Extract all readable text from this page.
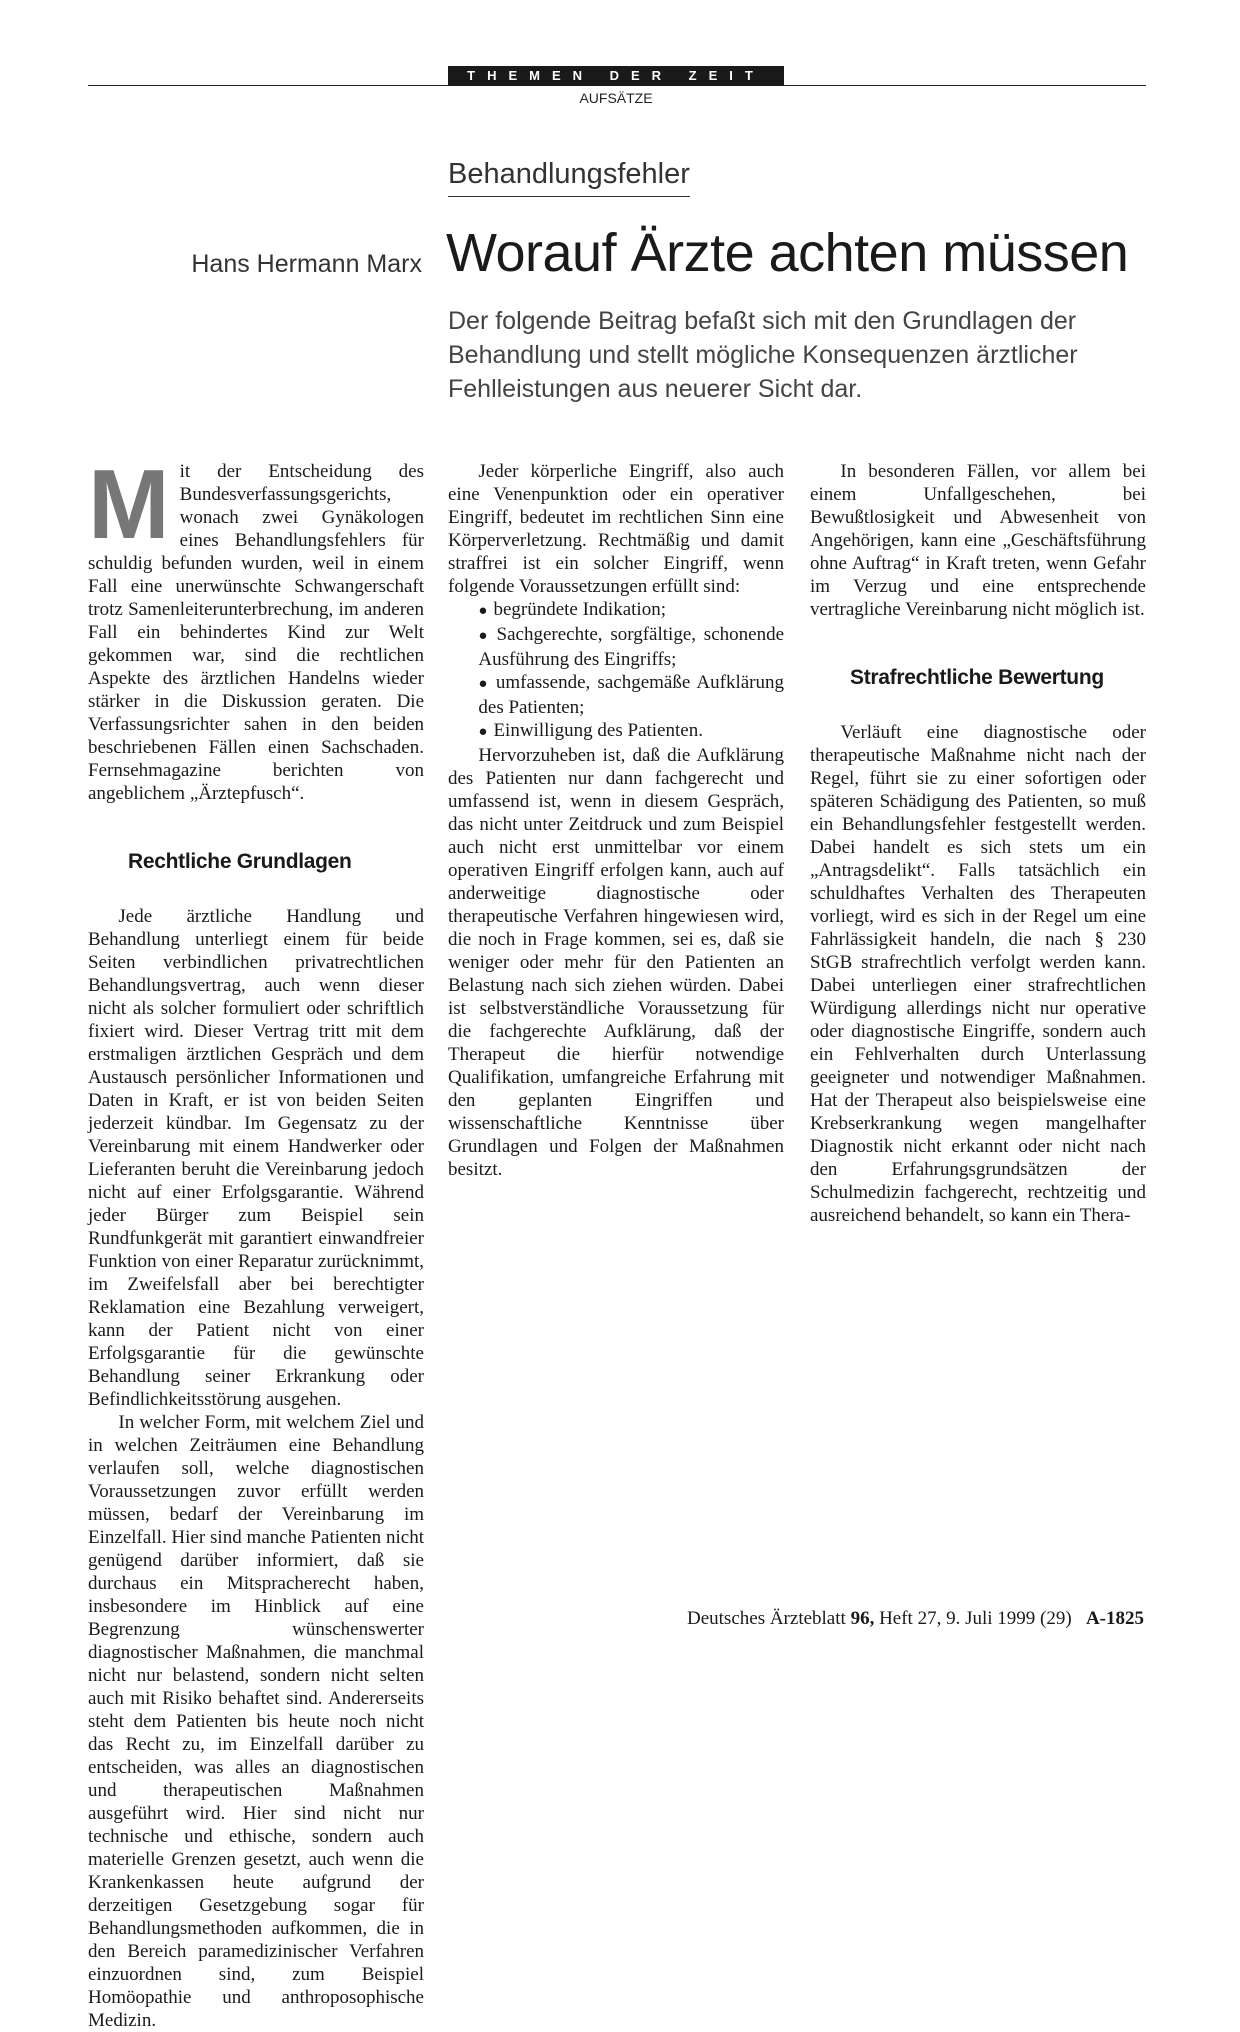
THEMEN DER ZEIT
AUFSÄTZE
Behandlungsfehler
Hans Hermann Marx Worauf Ärzte achten müssen

Der folgende Beitrag befaßt sich mit den Grundlagen der Behandlung und stellt mögliche Konsequenzen ärztlicher Fehlleistungen aus neuerer Sicht dar.

Mit der Entscheidung des Bundesverfassungsgerichts, wonach zwei Gynäkologen eines Behandlungsfehlers für schuldig befunden wurden, weil in einem Fall eine unerwünschte Schwangerschaft trotz Samenleiterunterbrechung, im anderen Fall ein behindertes Kind zur Welt gekommen war, sind die rechtlichen Aspekte des ärztlichen Handelns wieder stärker in die Diskussion geraten. Die Verfassungsrichter sahen in den beiden beschriebenen Fällen einen Sachschaden. Fernsehmagazine berichten von angeblichem „Ärztepfusch“.

Rechtliche Grundlagen

Jede ärztliche Handlung und Behandlung unterliegt einem für beide Seiten verbindlichen privatrechtlichen Behandlungsvertrag, auch wenn dieser nicht als solcher formuliert oder schriftlich fixiert wird. Dieser Vertrag tritt mit dem erstmaligen ärztlichen Gespräch und dem Austausch persönlicher Informationen und Daten in Kraft, er ist von beiden Seiten jederzeit kündbar. Im Gegensatz zu der Vereinbarung mit einem Handwerker oder Lieferanten beruht die Vereinbarung jedoch nicht auf einer Erfolgsgarantie. Während jeder Bürger zum Beispiel sein Rundfunkgerät mit garantiert einwandfreier Funktion von einer Reparatur zurücknimmt, im Zweifelsfall aber bei berechtigter Reklamation eine Bezahlung verweigert, kann der Patient nicht von einer Erfolgsgarantie für die gewünschte Behandlung seiner Erkrankung oder Befindlichkeitsstörung ausgehen.

In welcher Form, mit welchem Ziel und in welchen Zeiträumen eine Behandlung verlaufen soll, welche diagnostischen Voraussetzungen zuvor erfüllt werden müssen, bedarf der Vereinbarung im Einzelfall. Hier sind manche Patienten nicht genügend darüber informiert, daß sie durchaus ein Mitspracherecht haben, insbesondere im Hinblick auf eine Begrenzung wünschenswerter diagnostischer Maßnahmen, die manchmal nicht nur belastend, sondern nicht selten auch mit Risiko behaftet sind. Andererseits steht dem Patienten bis heute noch nicht das Recht zu, im Einzelfall darüber zu entscheiden, was alles an diagnostischen und therapeutischen Maßnahmen ausgeführt wird. Hier sind nicht nur technische und ethische, sondern auch materielle Grenzen gesetzt, auch wenn die Krankenkassen heute aufgrund der derzeitigen Gesetzgebung sogar für Behandlungsmethoden aufkommen, die in den Bereich paramedizinischer Verfahren einzuordnen sind, zum Beispiel Homöopathie und anthroposophische Medizin.

Jeder körperliche Eingriff, also auch eine Venenpunktion oder ein operativer Eingriff, bedeutet im rechtlichen Sinn eine Körperverletzung. Rechtmäßig und damit straffrei ist ein solcher Eingriff, wenn folgende Voraussetzungen erfüllt sind:

● begründete Indikation;
● Sachgerechte, sorgfältige, schonende Ausführung des Eingriffs;
● umfassende, sachgemäße Aufklärung des Patienten;
● Einwilligung des Patienten.

Hervorzuheben ist, daß die Aufklärung des Patienten nur dann fachgerecht und umfassend ist, wenn in diesem Gespräch, das nicht unter Zeitdruck und zum Beispiel auch nicht erst unmittelbar vor einem operativen Eingriff erfolgen kann, auch auf anderweitige diagnostische oder therapeutische Verfahren hingewiesen wird, die noch in Frage kommen, sei es, daß sie weniger oder mehr für den Patienten an Belastung nach sich ziehen würden. Dabei ist selbstverständliche Voraussetzung für die fachgerechte Aufklärung, daß der Therapeut die hierfür notwendige Qualifikation, umfangreiche Erfahrung mit den geplanten Eingriffen und wissenschaftliche Kenntnisse über Grundlagen und Folgen der Maßnahmen besitzt.

In besonderen Fällen, vor allem bei einem Unfallgeschehen, bei Bewußtlosigkeit und Abwesenheit von Angehörigen, kann eine „Geschäftsführung ohne Auftrag“ in Kraft treten, wenn Gefahr im Verzug und eine entsprechende vertragliche Vereinbarung nicht möglich ist.

Strafrechtliche Bewertung

Verläuft eine diagnostische oder therapeutische Maßnahme nicht nach der Regel, führt sie zu einer sofortigen oder späteren Schädigung des Patienten, so muß ein Behandlungsfehler festgestellt werden. Dabei handelt es sich stets um ein „Antragsdelikt“. Falls tatsächlich ein schuldhaftes Verhalten des Therapeuten vorliegt, wird es sich in der Regel um eine Fahrlässigkeit handeln, die nach § 230 StGB strafrechtlich verfolgt werden kann. Dabei unterliegen einer strafrechtlichen Würdigung allerdings nicht nur operative oder diagnostische Eingriffe, sondern auch ein Fehlverhalten durch Unterlassung geeigneter und notwendiger Maßnahmen. Hat der Therapeut also beispielsweise eine Krebserkrankung wegen mangelhafter Diagnostik nicht erkannt oder nicht nach den Erfahrungsgrundsätzen der Schulmedizin fachgerecht, rechtzeitig und ausreichend behandelt, so kann ein Thera-

Deutsches Ärzteblatt 96, Heft 27, 9. Juli 1999 (29) A-1825
